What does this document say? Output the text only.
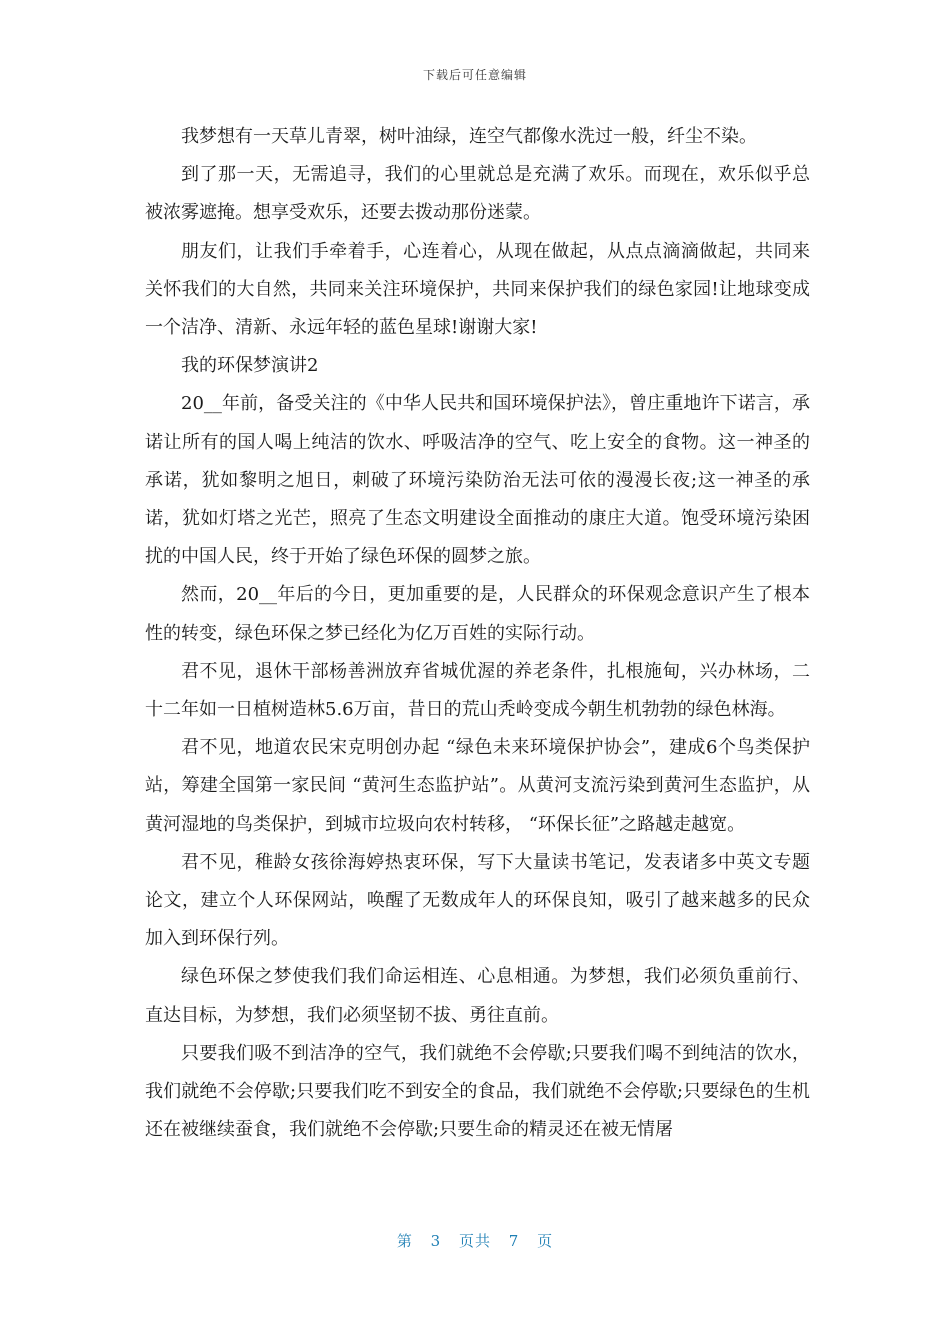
下载后可任意编辑

我梦想有一天草儿青翠，树叶油绿，连空气都像水洗过一般，纤尘不染。

到了那一天，无需追寻，我们的心里就总是充满了欢乐。而现在，欢乐似乎总被浓雾遮掩。想享受欢乐，还要去拨动那份迷蒙。

朋友们，让我们手牵着手，心连着心，从现在做起，从点点滴滴做起，共同来关怀我们的大自然，共同来关注环境保护，共同来保护我们的绿色家园!让地球变成一个洁净、清新、永远年轻的蓝色星球!谢谢大家!

我的环保梦演讲2

20__年前，备受关注的《中华人民共和国环境保护法》，曾庄重地许下诺言，承诺让所有的国人喝上纯洁的饮水、呼吸洁净的空气、吃上安全的食物。这一神圣的承诺，犹如黎明之旭日，刺破了环境污染防治无法可依的漫漫长夜;这一神圣的承诺，犹如灯塔之光芒，照亮了生态文明建设全面推动的康庄大道。饱受环境污染困扰的中国人民，终于开始了绿色环保的圆梦之旅。

然而，20__年后的今日，更加重要的是，人民群众的环保观念意识产生了根本性的转变，绿色环保之梦已经化为亿万百姓的实际行动。

君不见，退休干部杨善洲放弃省城优渥的养老条件，扎根施甸，兴办林场，二十二年如一日植树造林5.6万亩，昔日的荒山秃岭变成今朝生机勃勃的绿色林海。

君不见，地道农民宋克明创办起 “绿色未来环境保护协会”，建成6个鸟类保护站，筹建全国第一家民间 “黄河生态监护站”。从黄河支流污染到黄河生态监护，从黄河湿地的鸟类保护，到城市垃圾向农村转移， “环保长征”之路越走越宽。

君不见，稚龄女孩徐海婷热衷环保，写下大量读书笔记，发表诸多中英文专题论文，建立个人环保网站，唤醒了无数成年人的环保良知，吸引了越来越多的民众加入到环保行列。

绿色环保之梦使我们我们命运相连、心息相通。为梦想，我们必须负重前行、直达目标，为梦想，我们必须坚韧不拔、勇往直前。

只要我们吸不到洁净的空气，我们就绝不会停歇;只要我们喝不到纯洁的饮水，我们就绝不会停歇;只要我们吃不到安全的食品，我们就绝不会停歇;只要绿色的生机还在被继续蚕食，我们就绝不会停歇;只要生命的精灵还在被无情屠

第 3 页共 7 页
